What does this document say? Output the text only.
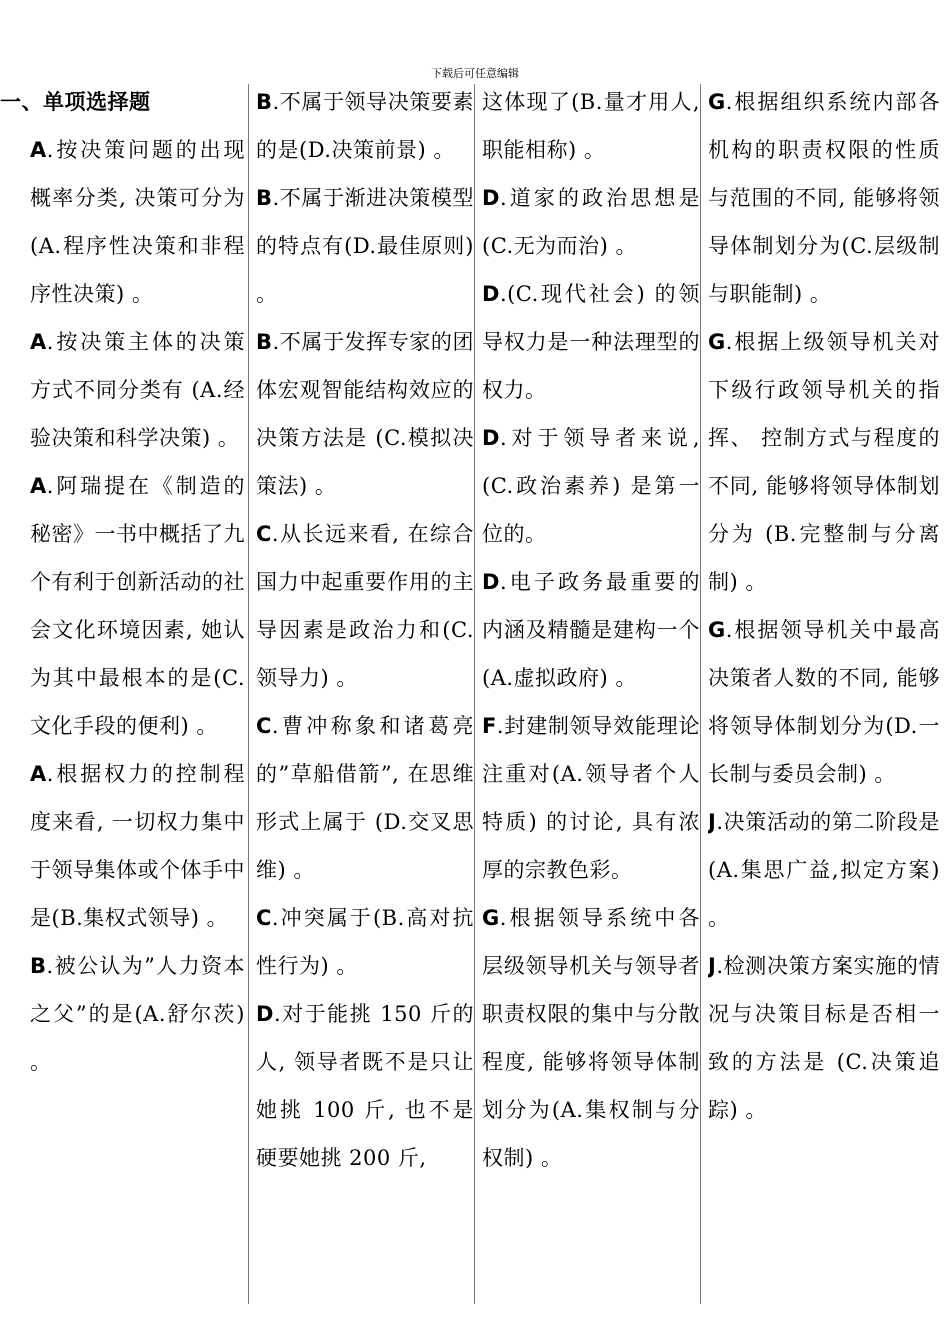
下载后可任意编辑
一、单项选择题
A.按决策问题的出现概率分类, 决策可分为(A.程序性决策和非程序性决策) 。
A.按决策主体的决策方式不同分类有 (A.经验决策和科学决策) 。
A.阿瑞提在《制造的秘密》一书中概括了九个有利于创新活动的社会文化环境因素, 她认为其中最根本的是(C.文化手段的便利) 。
A.根据权力的控制程度来看, 一切权力集中于领导集体或个体手中是(B.集权式领导) 。
B.被公认为”人力资本之父”的是(A.舒尔茨) 。
B.不属于领导决策要素的是(D.决策前景) 。
B.不属于渐进决策模型的特点有(D.最佳原则) 。
B.不属于发挥专家的团体宏观智能结构效应的决策方法是 (C.模拟决策法) 。
C.从长远来看, 在综合国力中起重要作用的主导因素是政治力和(C.领导力) 。
C.曹冲称象和诸葛亮的”草船借箭”, 在思维形式上属于 (D.交叉思维) 。
C.冲突属于(B.高对抗性行为) 。
D.对于能挑 150 斤的人, 领导者既不是只让她挑 100 斤, 也不是硬要她挑 200 斤,
这体现了(B.量才用人,职能相称) 。
D.道家的政治思想是(C.无为而治) 。
D.(C.现代社会) 的领导权力是一种法理型的权力。
D.对于领导者来说, (C.政治素养) 是第一位的。
D.电子政务最重要的内涵及精髓是建构一个(A.虚拟政府) 。
F.封建制领导效能理论注重对(A.领导者个人特质) 的讨论, 具有浓厚的宗教色彩。
G.根据领导系统中各层级领导机关与领导者职责权限的集中与分散程度, 能够将领导体制划分为(A.集权制与分权制) 。
G.根据组织系统内部各机构的职责权限的性质与范围的不同, 能够将领导体制划分为(C.层级制与职能制) 。
G.根据上级领导机关对下级行政领导机关的指挥、 控制方式与程度的不同, 能够将领导体制划分为 (B.完整制与分离制) 。
G.根据领导机关中最高决策者人数的不同, 能够将领导体制划分为(D.一长制与委员会制) 。
J.决策活动的第二阶段是(A.集思广益,拟定方案) 。
J.检测决策方案实施的情况与决策目标是否相一致的方法是 (C.决策追踪) 。
